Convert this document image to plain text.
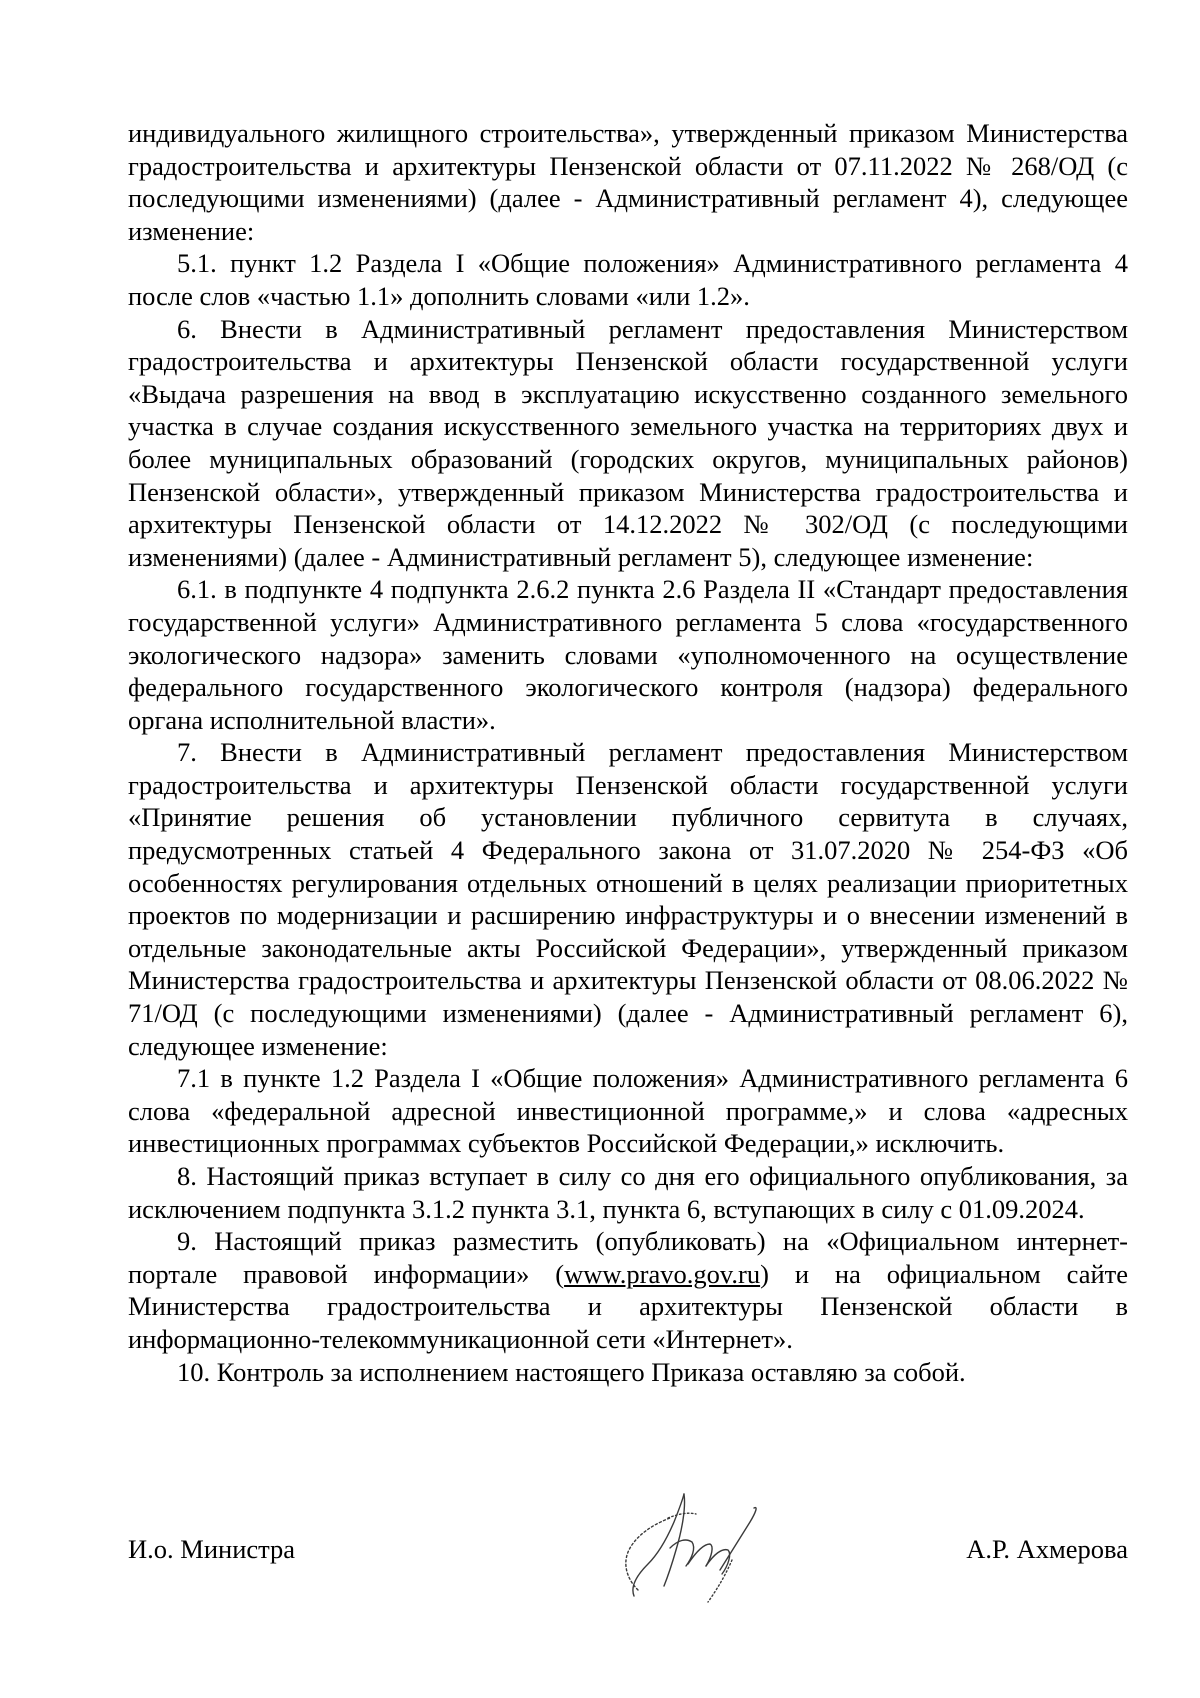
индивидуального жилищного строительства», утвержденный приказом Министерства градостроительства и архитектуры Пензенской области от 07.11.2022 № 268/ОД (с последующими изменениями) (далее - Административный регламент 4), следующее изменение:

5.1. пункт 1.2 Раздела I «Общие положения» Административного регламента 4 после слов «частью 1.1» дополнить словами «или 1.2».

6. Внести в Административный регламент предоставления Министерством градостроительства и архитектуры Пензенской области государственной услуги «Выдача разрешения на ввод в эксплуатацию искусственно созданного земельного участка в случае создания искусственного земельного участка на территориях двух и более муниципальных образований (городских округов, муниципальных районов) Пензенской области», утвержденный приказом Министерства градостроительства и архитектуры Пензенской области от 14.12.2022 № 302/ОД (с последующими изменениями) (далее - Административный регламент 5), следующее изменение:

6.1. в подпункте 4 подпункта 2.6.2 пункта 2.6 Раздела II «Стандарт предоставления государственной услуги» Административного регламента 5 слова «государственного экологического надзора» заменить словами «уполномоченного на осуществление федерального государственного экологического контроля (надзора) федерального органа исполнительной власти».

7. Внести в Административный регламент предоставления Министерством градостроительства и архитектуры Пензенской области государственной услуги «Принятие решения об установлении публичного сервитута в случаях, предусмотренных статьей 4 Федерального закона от 31.07.2020 № 254-ФЗ «Об особенностях регулирования отдельных отношений в целях реализации приоритетных проектов по модернизации и расширению инфраструктуры и о внесении изменений в отдельные законодательные акты Российской Федерации», утвержденный приказом Министерства градостроительства и архитектуры Пензенской области от 08.06.2022 № 71/ОД (с последующими изменениями) (далее - Административный регламент 6), следующее изменение:

7.1 в пункте 1.2 Раздела I «Общие положения» Административного регламента 6 слова «федеральной адресной инвестиционной программе,» и слова «адресных инвестиционных программах субъектов Российской Федерации,» исключить.

8. Настоящий приказ вступает в силу со дня его официального опубликования, за исключением подпункта 3.1.2 пункта 3.1, пункта 6, вступающих в силу с 01.09.2024.

9. Настоящий приказ разместить (опубликовать) на «Официальном интернет-портале правовой информации» (www.pravo.gov.ru) и на официальном сайте Министерства градостроительства и архитектуры Пензенской области в информационно-телекоммуникационной сети «Интернет».

10. Контроль за исполнением настоящего Приказа оставляю за собой.

И.о. Министра	А.Р. Ахмерова
